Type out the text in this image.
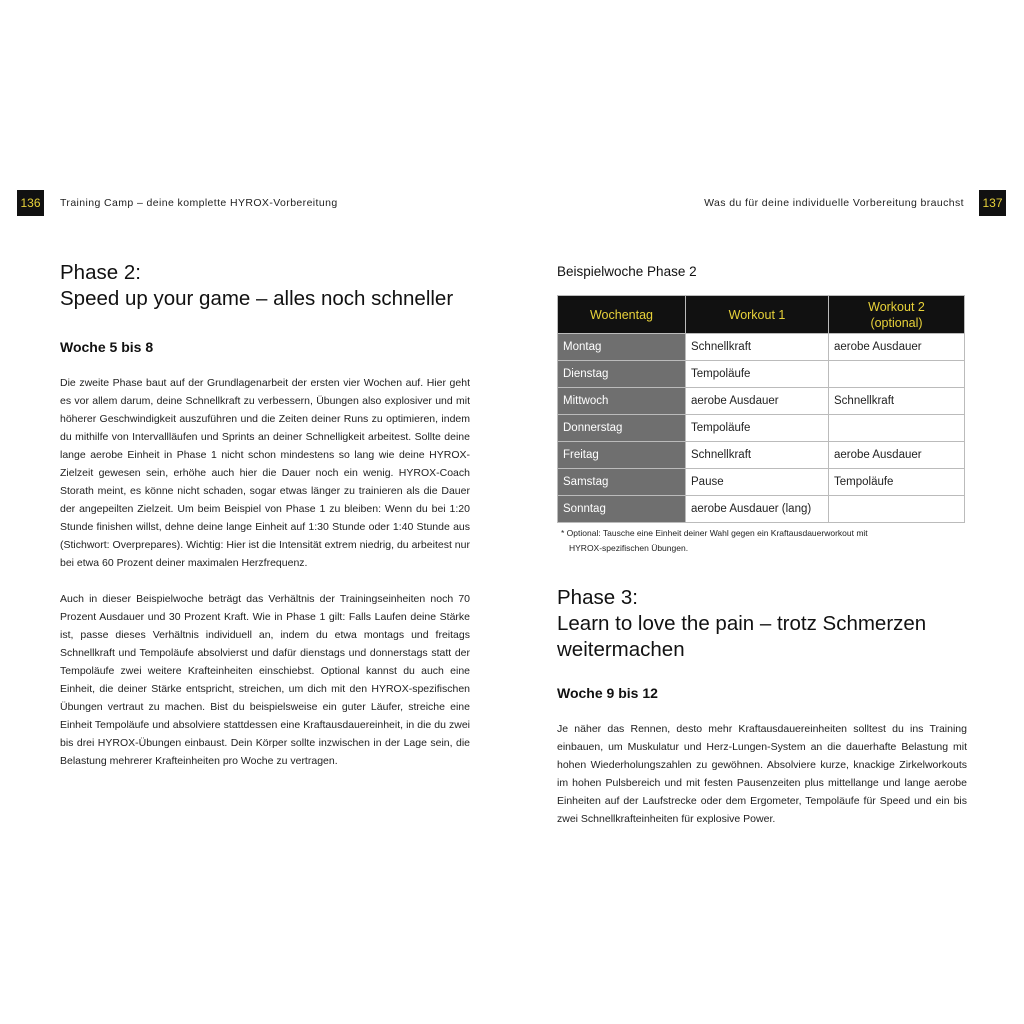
136	Training Camp – deine komplette HYROX-Vorbereitung	Was du für deine individuelle Vorbereitung brauchst 137
Phase 2:
Speed up your game – alles noch schneller
Woche 5 bis 8

Die zweite Phase baut auf der Grundlagenarbeit der ersten vier Wochen auf. Hier geht es vor allem darum, deine Schnellkraft zu verbessern, Übungen also explosiver und mit höherer Geschwindigkeit auszuführen und die Zeiten deiner Runs zu optimieren, indem du mithilfe von Intervallläufen und Sprints an deiner Schnelligkeit arbeitest. Sollte deine lange aerobe Einheit in Phase 1 nicht schon mindestens so lang wie deine HYROX-Zielzeit gewesen sein, erhöhe auch hier die Dauer noch ein wenig. HYROX-Coach Storath meint, es könne nicht schaden, sogar etwas länger zu trainieren als die Dauer der angepeilten Zielzeit. Um beim Beispiel von Phase 1 zu bleiben: Wenn du bei 1:20 Stunde finishen willst, dehne deine lange Einheit auf 1:30 Stunde oder 1:40 Stunde aus (Stichwort: Overprepares). Wichtig: Hier ist die Intensität extrem niedrig, du arbeitest nur bei etwa 60 Prozent deiner maximalen Herzfrequenz.

Auch in dieser Beispielwoche beträgt das Verhältnis der Trainingseinheiten noch 70 Prozent Ausdauer und 30 Prozent Kraft. Wie in Phase 1 gilt: Falls Laufen deine Stärke ist, passe dieses Verhältnis individuell an, indem du etwa montags und freitags Schnellkraft und Tempoläufe absolvierst und dafür dienstags und donnerstags statt der Tempoläufe zwei weitere Krafteinheiten einschiebst. Optional kannst du auch eine Einheit, die deiner Stärke entspricht, streichen, um dich mit den HYROX-spezifischen Übungen vertraut zu machen. Bist du beispielsweise ein guter Läufer, streiche eine Einheit Tempoläufe und absolviere stattdessen eine Kraftausdauereinheit, in die du zwei bis drei HYROX-Übungen einbaust. Dein Körper sollte inzwischen in der Lage sein, die Belastung mehrerer Krafteinheiten pro Woche zu vertragen.

Beispielwoche Phase 2

Wochentag	Workout 1	Workout 2
(optional)
Montag	Schnellkraft	aerobe Ausdauer
Dienstag	Tempoläufe	
Mittwoch	aerobe Ausdauer	Schnellkraft
Donnerstag	Tempoläufe	
Freitag	Schnellkraft	aerobe Ausdauer
Samstag	Pause	Tempoläufe
Sonntag	aerobe Ausdauer (lang)	

* Optional: Tausche eine Einheit deiner Wahl gegen ein Kraftausdauerworkout mit
HYROX-spezifischen Übungen.

Phase 3:
Learn to love the pain – trotz Schmerzen
weitermachen
Woche 9 bis 12

Je näher das Rennen, desto mehr Kraftausdauereinheiten solltest du ins Training einbauen, um Muskulatur und Herz-Lungen-System an die dauerhafte Belastung mit hohen Wiederholungszahlen zu gewöhnen. Absolviere kurze, knackige Zirkelworkouts im hohen Pulsbereich und mit festen Pausenzeiten plus mittellange und lange aerobe Einheiten auf der Laufstrecke oder dem Ergometer, Tempoläufe für Speed und ein bis zwei Schnellkrafteinheiten für explosive Power.
